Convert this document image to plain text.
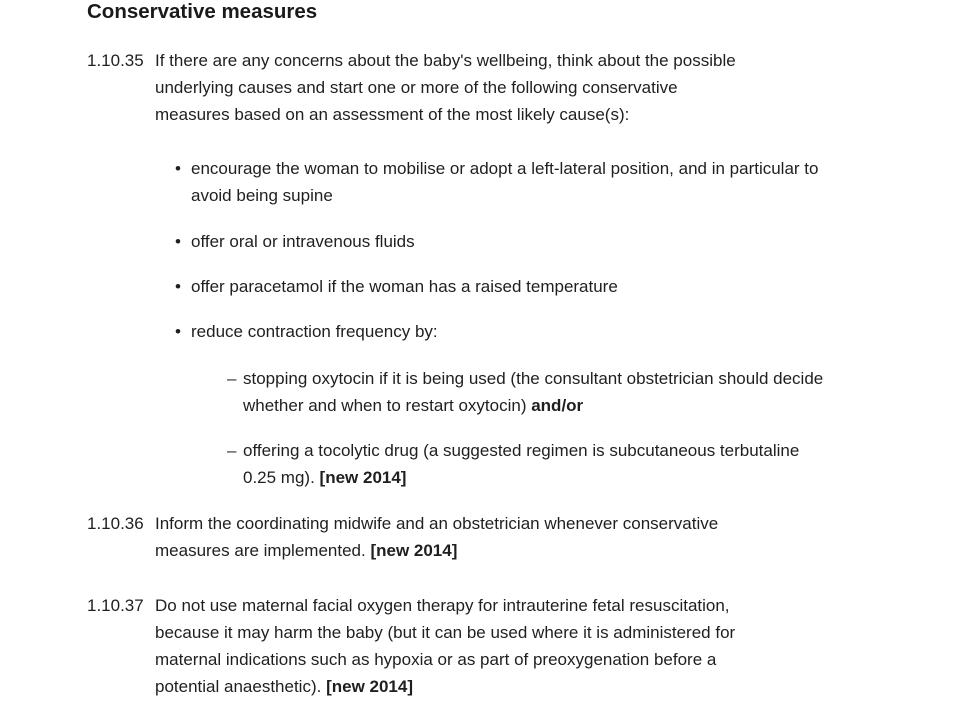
Conservative measures
1.10.35 If there are any concerns about the baby's wellbeing, think about the possible
underlying causes and start one or more of the following conservative
measures based on an assessment of the most likely cause(s):
• encourage the woman to mobilise or adopt a left-lateral position, and in particular to
avoid being supine
• offer oral or intravenous fluids
• offer paracetamol if the woman has a raised temperature
• reduce contraction frequency by:
– stopping oxytocin if it is being used (the consultant obstetrician should decide
whether and when to restart oxytocin) and/or
– offering a tocolytic drug (a suggested regimen is subcutaneous terbutaline
0.25 mg). [new 2014]
1.10.36 Inform the coordinating midwife and an obstetrician whenever conservative
measures are implemented. [new 2014]
1.10.37 Do not use maternal facial oxygen therapy for intrauterine fetal resuscitation,
because it may harm the baby (but it can be used where it is administered for
maternal indications such as hypoxia or as part of preoxygenation before a
potential anaesthetic). [new 2014]
